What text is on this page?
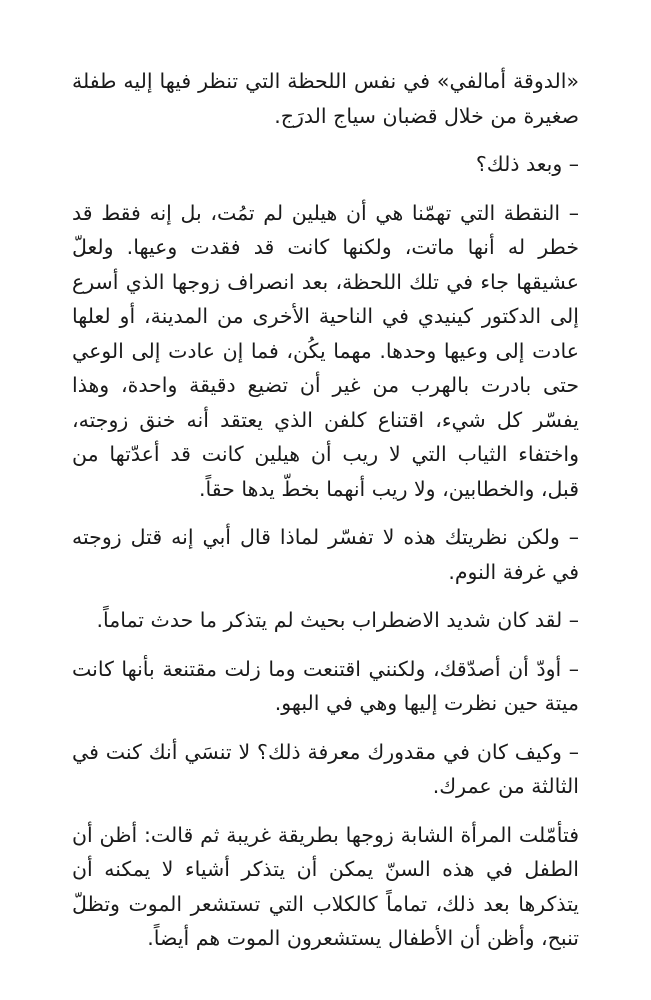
«الدوقة أمالفي» في نفس اللحظة التي تنظر فيها إليه طفلة صغيرة من خلال قضبان سياج الدرَج.

– وبعد ذلك؟

– النقطة التي تهمّنا هي أن هيلين لم تمُت، بل إنه فقط قد خطر له أنها ماتت، ولكنها كانت قد فقدت وعيها. ولعلّ عشيقها جاء في تلك اللحظة، بعد انصراف زوجها الذي أسرع إلى الدكتور كينيدي في الناحية الأخرى من المدينة، أو لعلها عادت إلى وعيها وحدها. مهما يكُن، فما إن عادت إلى الوعي حتى بادرت بالهرب من غير أن تضيع دقيقة واحدة، وهذا يفسّر كل شيء، اقتناع كلفن الذي يعتقد أنه خنق زوجته، واختفاء الثياب التي لا ريب أن هيلين كانت قد أعدّتها من قبل، والخطابين، ولا ريب أنهما بخطّ يدها حقاً.

– ولكن نظريتك هذه لا تفسّر لماذا قال أبي إنه قتل زوجته في غرفة النوم.

– لقد كان شديد الاضطراب بحيث لم يتذكر ما حدث تماماً.

– أودّ أن أصدّقك، ولكنني اقتنعت وما زلت مقتنعة بأنها كانت ميتة حين نظرت إليها وهي في البهو.

– وكيف كان في مقدورك معرفة ذلك؟ لا تنسَي أنك كنت في الثالثة من عمرك.

فتأمّلت المرأة الشابة زوجها بطريقة غريبة ثم قالت: أظن أن الطفل في هذه السنّ يمكن أن يتذكر أشياء لا يمكنه أن يتذكرها بعد ذلك، تماماً كالكلاب التي تستشعر الموت وتظلّ تنبح، وأظن أن الأطفال يستشعرون الموت هم أيضاً.
